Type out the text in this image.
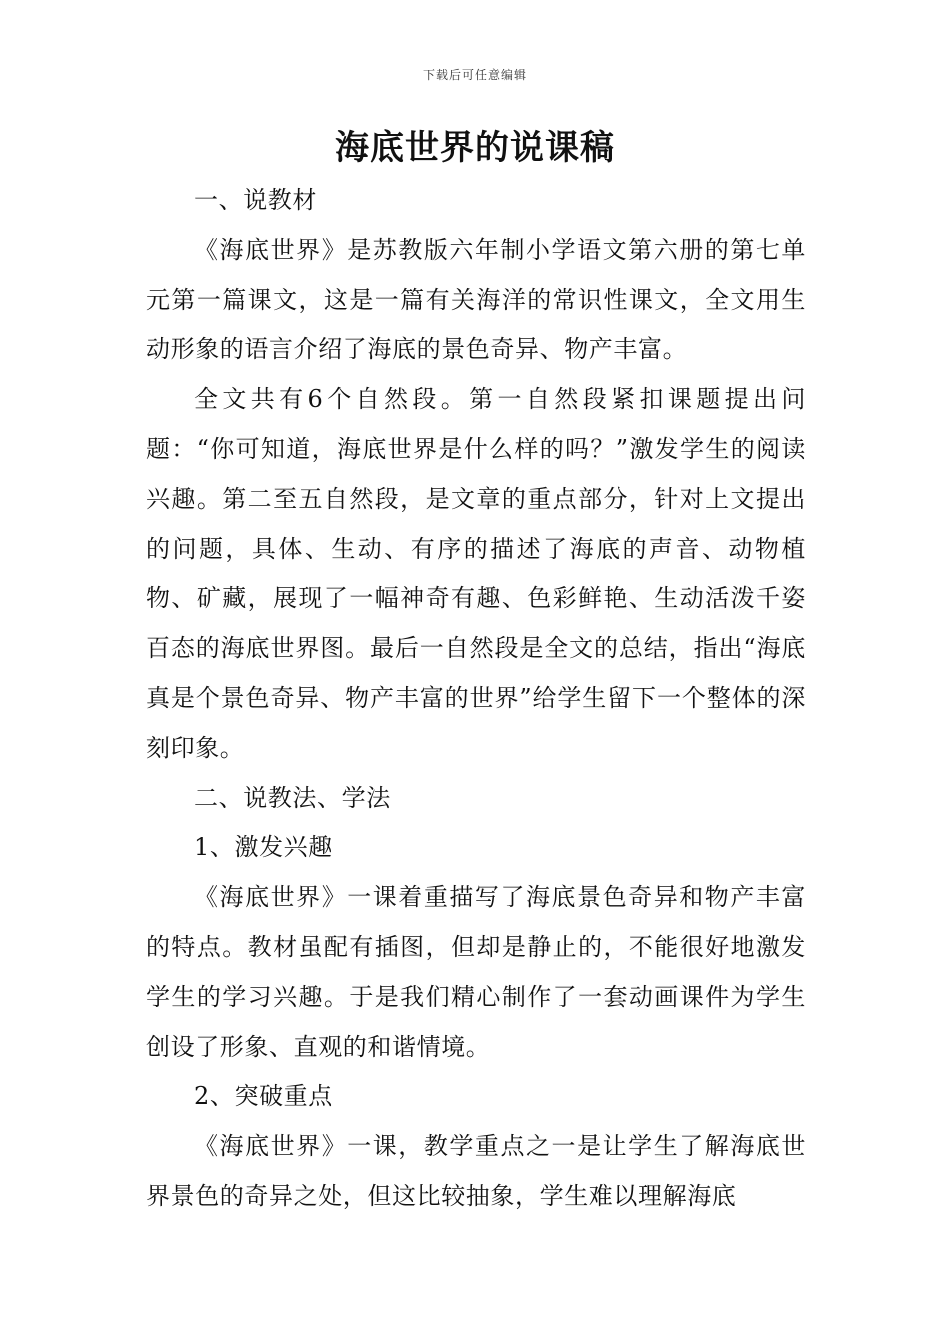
下载后可任意编辑
海底世界的说课稿

一、说教材

《海底世界》是苏教版六年制小学语文第六册的第七单元第一篇课文，这是一篇有关海洋的常识性课文，全文用生动形象的语言介绍了海底的景色奇异、物产丰富。

全文共有6个自然段。第一自然段紧扣课题提出问题：“你可知道，海底世界是什么样的吗？”激发学生的阅读兴趣。第二至五自然段，是文章的重点部分，针对上文提出的问题，具体、生动、有序的描述了海底的声音、动物植物、矿藏，展现了一幅神奇有趣、色彩鲜艳、生动活泼千姿百态的海底世界图。最后一自然段是全文的总结，指出“海底真是个景色奇异、物产丰富的世界”给学生留下一个整体的深刻印象。

二、说教法、学法

1、激发兴趣

《海底世界》一课着重描写了海底景色奇异和物产丰富的特点。教材虽配有插图，但却是静止的，不能很好地激发学生的学习兴趣。于是我们精心制作了一套动画课件为学生创设了形象、直观的和谐情境。

2、突破重点

《海底世界》一课，教学重点之一是让学生了解海底世界景色的奇异之处，但这比较抽象，学生难以理解海底
